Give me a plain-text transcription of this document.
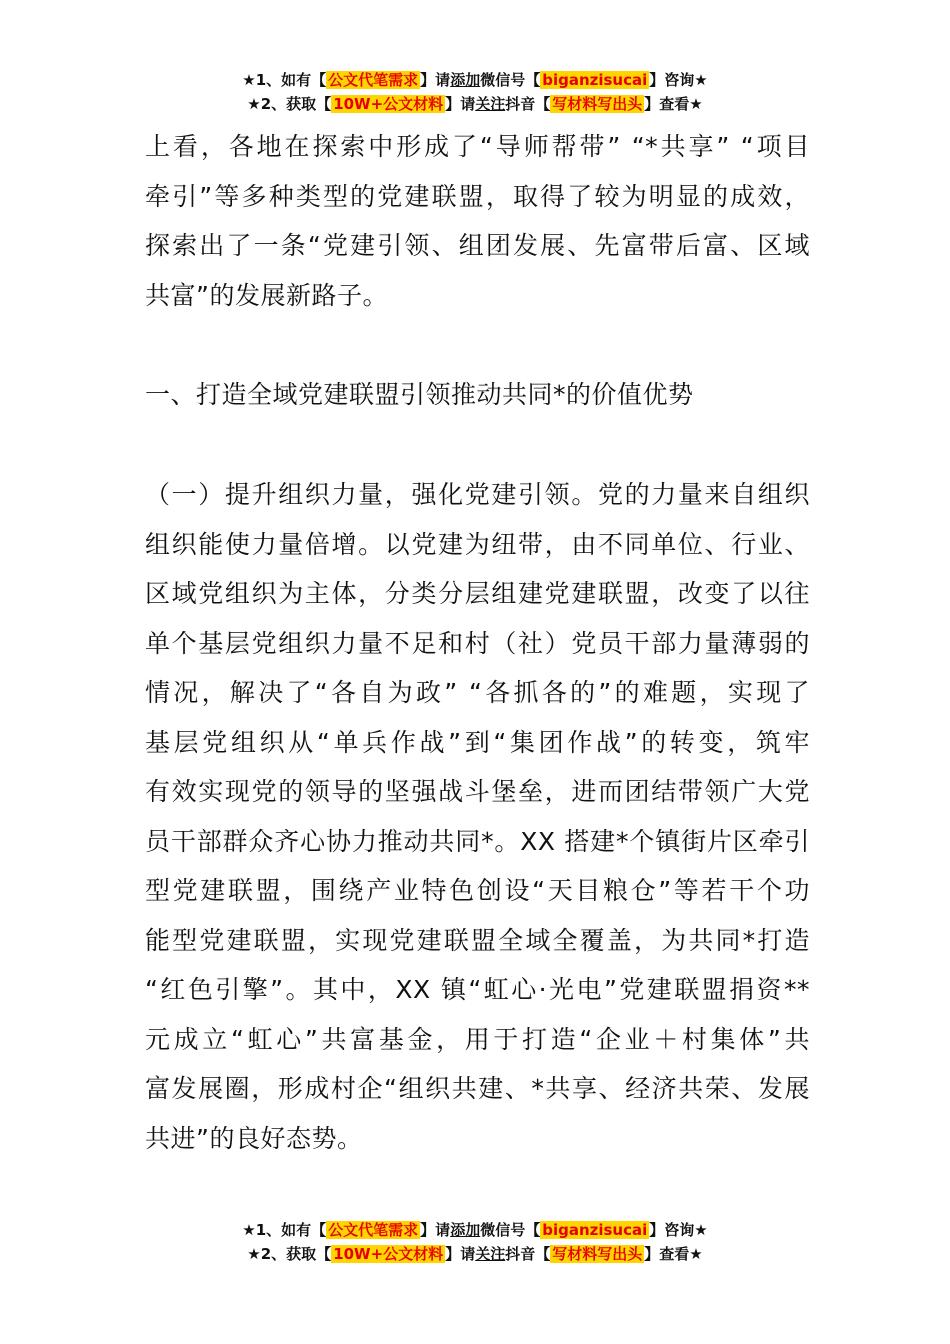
★1、如有【 公文代笔需求 】请添加微信号【 biganzisucai 】咨询★
★2、获取【 10W+公文材料 】请关注抖音【 写材料写出头 】查看★
上看，各地在探索中形成了“导师帮带” “*共享” “项目
牵引”等多种类型的党建联盟，取得了较为明显的成效，
探索出了一条“党建引领、组团发展、先富带后富、区域
共富”的发展新路子。
一、打造全域党建联盟引领推动共同*的价值优势
（一）提升组织力量，强化党建引领。党的力量来自组织
组织能使力量倍增。以党建为纽带，由不同单位、行业、
区域党组织为主体，分类分层组建党建联盟，改变了以往
单个基层党组织力量不足和村（社）党员干部力量薄弱的
情况，解决了“各自为政” “各抓各的”的难题，实现了
基层党组织从“单兵作战”到“集团作战”的转变，筑牢
有效实现党的领导的坚强战斗堡垒，进而团结带领广大党
员干部群众齐心协力推动共同*。XX 搭建*个镇街片区牵引
型党建联盟，围绕产业特色创设“天目粮仓”等若干个功
能型党建联盟，实现党建联盟全域全覆盖，为共同*打造
“红色引擎”。其中，XX 镇“虹心·光电”党建联盟捐资**
元成立“虹心”共富基金，用于打造“企业＋村集体”共
富发展圈，形成村企“组织共建、*共享、经济共荣、发展
共进”的良好态势。
★1、如有【 公文代笔需求 】请添加微信号【 biganzisucai 】咨询★
★2、获取【 10W+公文材料 】请关注抖音【 写材料写出头 】查看★
